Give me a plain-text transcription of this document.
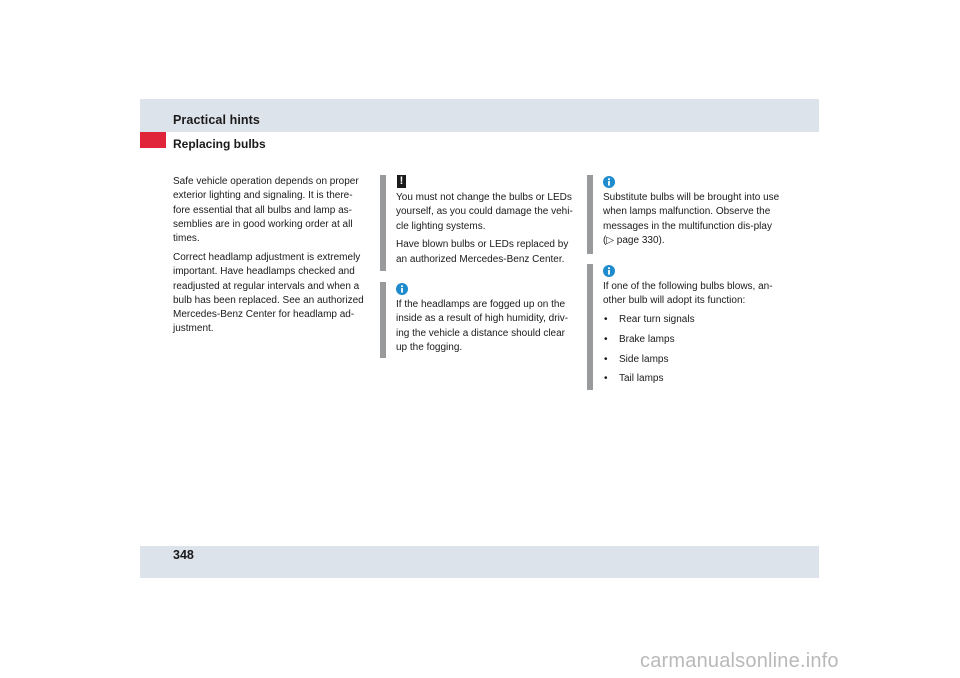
Practical hints
Replacing bulbs

Safe vehicle operation depends on proper exterior lighting and signaling. It is there-fore essential that all bulbs and lamp as-semblies are in good working order at all times.

Correct headlamp adjustment is extremely important. Have headlamps checked and readjusted at regular intervals and when a bulb has been replaced. See an authorized Mercedes-Benz Center for headlamp ad-justment.

!

You must not change the bulbs or LEDs yourself, as you could damage the vehi-cle lighting systems.

Have blown bulbs or LEDs replaced by an authorized Mercedes-Benz Center.

If the headlamps are fogged up on the inside as a result of high humidity, driv-ing the vehicle a distance should clear up the fogging.

Substitute bulbs will be brought into use when lamps malfunction. Observe the messages in the multifunction dis-play (▷ page 330).

If one of the following bulbs blows, an-other bulb will adopt its function:

• Rear turn signals
• Brake lamps
• Side lamps
• Tail lamps
348
carmanualsonline.info
